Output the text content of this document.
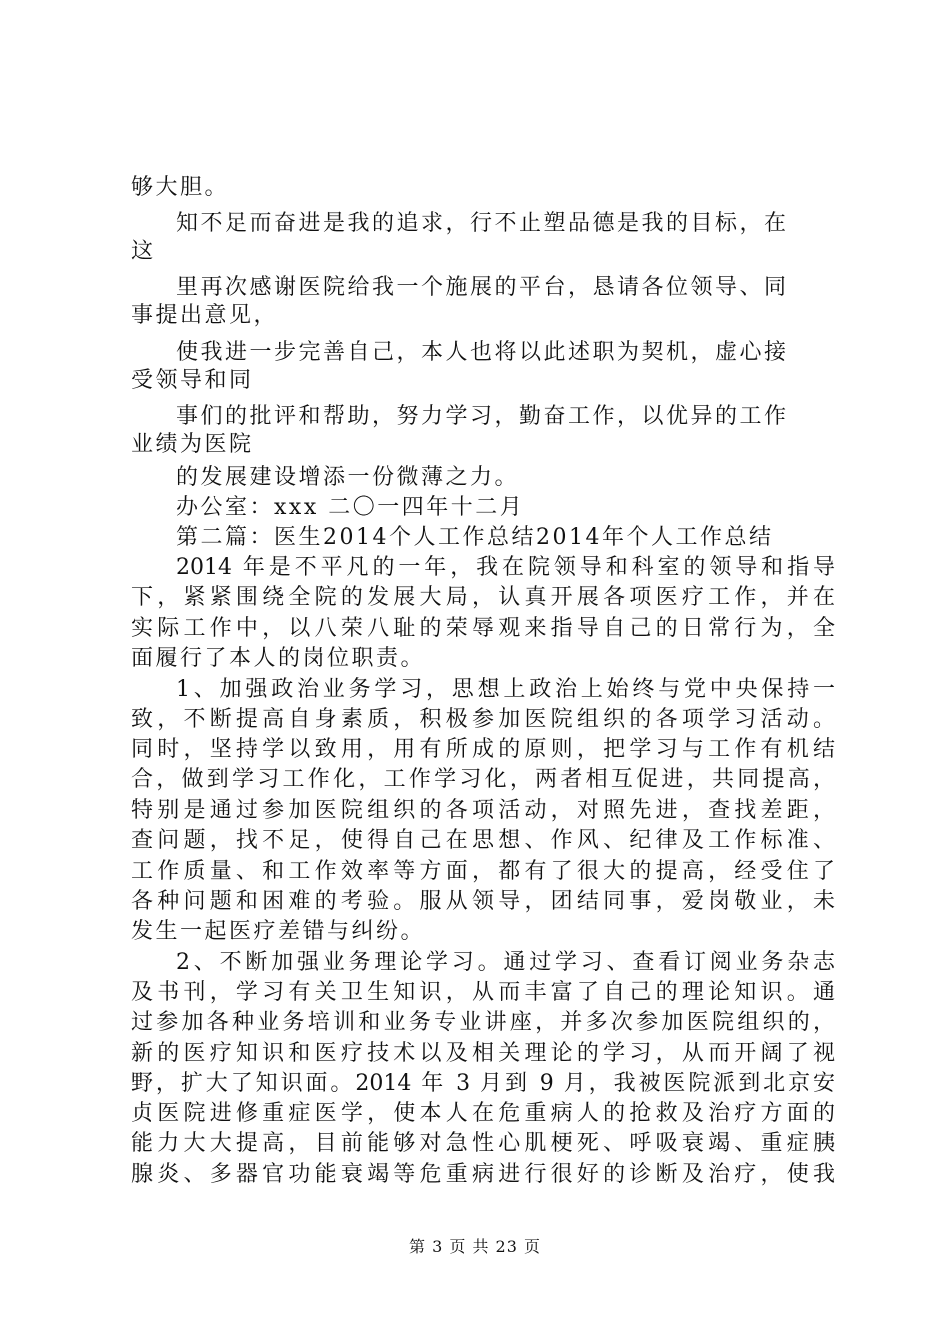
够大胆。
知不足而奋进是我的追求，行不止塑品德是我的目标，在
这
里再次感谢医院给我一个施展的平台，恳请各位领导、同
事提出意见，
使我进一步完善自己，本人也将以此述职为契机，虚心接
受领导和同
事们的批评和帮助，努力学习，勤奋工作，以优异的工作
业绩为医院
的发展建设增添一份微薄之力。
办公室：xxx 二〇一四年十二月
第二篇：医生2014个人工作总结2014年个人工作总结
2014 年是不平凡的一年，我在院领导和科室的领导和指导
下，紧紧围绕全院的发展大局，认真开展各项医疗工作，并在
实际工作中，以八荣八耻的荣辱观来指导自己的日常行为，全
面履行了本人的岗位职责。
1、加强政治业务学习，思想上政治上始终与党中央保持一
致，不断提高自身素质，积极参加医院组织的各项学习活动。
同时，坚持学以致用，用有所成的原则，把学习与工作有机结
合，做到学习工作化，工作学习化，两者相互促进，共同提高，
特别是通过参加医院组织的各项活动，对照先进，查找差距，
查问题，找不足，使得自己在思想、作风、纪律及工作标准、
工作质量、和工作效率等方面，都有了很大的提高，经受住了
各种问题和困难的考验。服从领导，团结同事，爱岗敬业，未
发生一起医疗差错与纠纷。
2、不断加强业务理论学习。通过学习、查看订阅业务杂志
及书刊，学习有关卫生知识，从而丰富了自己的理论知识。通
过参加各种业务培训和业务专业讲座，并多次参加医院组织的，
新的医疗知识和医疗技术以及相关理论的学习，从而开阔了视
野，扩大了知识面。2014 年 3 月到 9 月，我被医院派到北京安
贞医院进修重症医学，使本人在危重病人的抢救及治疗方面的
能力大大提高，目前能够对急性心肌梗死、呼吸衰竭、重症胰
腺炎、多器官功能衰竭等危重病进行很好的诊断及治疗，使我
第 3 页 共 23 页
